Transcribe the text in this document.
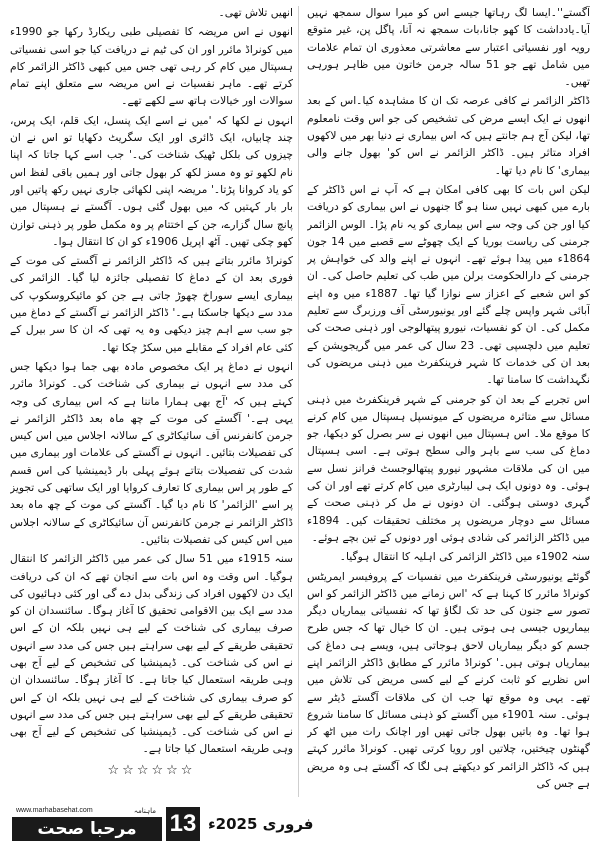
آگستے''۔ایسا لگ رہاتھا جیسے اس کو میرا سوال سمجھ نہیں آیا۔یادداشت کا کھو جانا،بات سمجھ نہ آنا، پاگل پن، غیر متوقع رویہ اور نفسیاتی اعتبار سے معاشرتی معذوری ان تمام علامات میں شامل تھے جو 51 سالہ جرمن خاتون میں ظاہر ہورہی تھیں۔

ڈاکٹر الزائمر نے کافی عرصہ تک ان کا مشاہدہ کیا۔اس کے بعد انھوں نے ایک ایسے مرض کی تشخیص کی جو اس وقت نامعلوم تھا، لیکن آج ہم جانتے ہیں کہ اس بیماری نے دنیا بھر میں لاکھوں افراد متاثر ہیں۔ ڈاکٹر الزائمر نے اس کو' بھول جانے والی بیماری' کا نام دیا تھا۔

لیکن اس بات کا بھی کافی امکان ہے کہ آپ نے اس ڈاکٹر کے بارے میں کبھی نہیں سنا ہو گا جنھوں نے اس بیماری کو دریافت کیا اور جن کی وجہ سے اس بیماری کو یہ نام پڑا۔ الوس الزائمر جرمنی کی ریاست بوریا کے ایک چھوٹے سے قصبے میں 14 جون 1864ء میں پیدا ہوئے تھے۔ انہوں نے اپنے والد کی خواہش پر جرمنی کے دارالحکومت برلن میں طب کی تعلیم حاصل کی۔ ان کو اس شعبے کے اعزاز سے نوازا گیا تھا۔ 1887ء میں وہ اپنے آبائی شہر واپس چلے گئے اور یونیورسٹی آف ورزبرگ سے تعلیم مکمل کی۔ ان کو نفسیات، نیورو پیتھالوجی اور ذہنی صحت کی تعلیم میں دلچسپی تھی۔ 23 سال کی عمر میں گریجویشن کے بعد ان کی خدمات کا شہر فرینکفرٹ میں ذہنی مریضوں کی نگہداشت کا سامنا تھا۔

اس تجربے کے بعد ان کو جرمنی کے شہر فرینکفرٹ میں ذہنی مسائل سے متاثرہ مریضوں کے میونسپل ہسپتال میں کام کرنے کا موقع ملا۔ اس ہسپتال میں انھوں نے سر بصرل کو دیکھا، جو دماغ کی سب سے باہر والی سطح ہوتی ہے۔ اسی ہسپتال میں ان کی ملاقات مشہور نیورو پیتھالوجسٹ فرانز نسل سے ہوئی۔ وہ دونوں ایک ہی لیبارٹری میں کام کرتے تھے اور ان کی گہری دوستی ہوگئی۔ ان دونوں نے مل کر ذہنی صحت کے مسائل سے دوچار مریضوں پر مختلف تحقیقات کیں۔ 1894ء میں ڈاکٹر الزائمر کی شادی ہوئی اور دونوں کے تین بچے ہوئے۔

سنہ 1902ء میں ڈاکٹر الزائمر کی اہلیہ کا انتقال ہوگیا۔

گوئٹے یونیورسٹی فرینکفرٹ میں نفسیات کے پروفیسر ایمریٹس کونراڈ مائرر کا کہنا ہے کہ 'اس زمانے میں ڈاکٹر الزائمر کو اس تصور سے جنون کی حد تک لگاؤ تھا کہ نفسیاتی بیماریاں دیگر بیماریوں جیسی ہی ہوتی ہیں۔ ان کا خیال تھا کہ جس طرح جسم کو دیگر بیماریاں لاحق ہوجاتی ہیں، ویسے ہی دماغ کی بیماریاں ہوتی ہیں۔' کونراڈ مائرر کے مطابق ڈاکٹر الزائمر اپنے اس نظریے کو ثابت کرنے کے لیے کسی مریض کی تلاش میں تھے۔ یہی وہ موقع تھا جب ان کی ملاقات آگستے ڈیٹر سے ہوئی۔ سنہ 1901ء میں آگستے کو ذہنی مسائل کا سامنا شروع ہوا تھا۔ وہ باتیں بھول جاتی تھیں اور اچانک رات میں اٹھ کر گھنٹوں چیختیں، چلاتیں اور رویا کرتی تھیں۔ کونراڈ مائرر کہتے ہیں کہ ڈاکٹر الزائمر کو دیکھتے ہی لگا کہ آگستے ہی وہ مریض ہے جس کی

انھیں تلاش تھی۔

انھوں نے اس مریضہ کا تفصیلی طبی ریکارڈ رکھا جو 1990ء میں کونراڈ مائرر اور ان کی ٹیم نے دریافت کیا جو اسی نفسیاتی ہسپتال میں کام کر رہی تھی جس میں کبھی ڈاکٹر الزائمر کام کرتے تھے۔ ماہر نفسیات نے اس مریضہ سے متعلق اپنے تمام سوالات اور خیالات ہاتھ سے لکھے تھے۔

انہوں نے لکھا کہ 'میں نے اسے ایک پنسل، ایک قلم، ایک پرس، چند چابیاں، ایک ڈائری اور ایک سگریٹ دکھایا تو اس نے ان چیزوں کی بلکل ٹھیک شناخت کی۔' جب اسے کہا جاتا کہ اپنا نام لکھو تو وہ مسز لکھ کر بھول جاتی اور ہمیں باقی لفظ اس کو یاد کروانا پڑتا۔' مریضہ اپنی لکھائی جاری نہیں رکھ پاتیں اور بار بار کہتیں کہ میں بھول گئی ہوں۔ آگستے نے ہسپتال میں پانچ سال گزارے، جن کے اختتام پر وہ مکمل طور پر ذہنی توازن کھو چکی تھیں۔ آٹھ اپریل 1906ء کو ان کا انتقال ہوا۔

کونراڈ مائرر بتاتے ہیں کہ ڈاکٹر الزائمر نے آگستے کی موت کے فوری بعد ان کے دماغ کا تفصیلی جائزہ لیا گیا۔ الزائمر کی بیماری ایسے سوراخ چھوڑ جاتی ہے جن کو مائیکروسکوپ کی مدد سے دیکھا جاسکتا ہے۔' ڈاکٹر الزائمر نے آگستے کے دماغ میں جو سب سے اہم چیز دیکھی وہ یہ تھی کہ ان کا سر بیرل کے کئی عام افراد کے مقابلے میں سکڑ چکا تھا۔

انہوں نے دماغ پر ایک مخصوص مادہ بھی جما ہوا دیکھا جس کی مدد سے انہوں نے بیماری کی شناخت کی۔ کونراڈ مائرر کہتے ہیں کہ 'آج بھی ہمارا ماننا ہے کہ اس بیماری کی وجہ یہی ہے۔' آگستے کی موت کے چھ ماہ بعد ڈاکٹر الزائمر نے جرمن کانفرنس آف سائیکاٹری کے سالانہ اجلاس میں اس کیس کی تفصیلات بتائیں۔ انہوں نے آگستے کی علامات اور بیماری میں شدت کی تفصیلات بتاتے ہوئے پہلی بار ڈیمینشیا کی اس قسم کے طور پر اس بیماری کا تعارف کروایا اور ایک ساتھی کی تجویز پر اسے 'الزائمر' کا نام دیا گیا۔ آگستے کی موت کے چھ ماہ بعد ڈاکٹر الزائمر نے جرمن کانفرنس آن سائیکاٹری کے سالانہ اجلاس میں اس کیس کی تفصیلات بتائیں۔

سنہ 1915ء میں 51 سال کی عمر میں ڈاکٹر الزائمر کا انتقال ہوگیا۔ اس وقت وہ اس بات سے انجان تھے کہ ان کی دریافت ایک دن لاکھوں افراد کی زندگی بدل دے گی اور کئی دہائیوں کی مدد سے ایک بین الاقوامی تحقیق کا آغاز ہوگا۔ سائنسدان ان کو صرف بیماری کی شناخت کے لیے ہی نہیں بلکہ ان کے اس تحقیقی طریقے کے لیے بھی سراہتے ہیں جس کی مدد سے انہوں نے اس کی شناخت کی۔ ڈیمینشیا کی تشخیص کے لیے آج بھی وہی طریقہ استعمال کیا جاتا ہے۔ کا آغاز ہوگا۔ سائنسدان ان کو صرف بیماری کی شناخت کے لیے ہی نہیں بلکہ ان کے اس تحقیقی طریقے کے لیے بھی سراہتے ہیں جس کی مدد سے انہوں نے اس کی شناخت کی۔ ڈیمینشیا کی تشخیص کے لیے آج بھی وہی طریقہ استعمال کیا جاتا ہے۔

☆☆☆☆☆☆
www.marhabasehat.com	ماہنامہ
مرحبا صحت	13 فروری 2025ء
